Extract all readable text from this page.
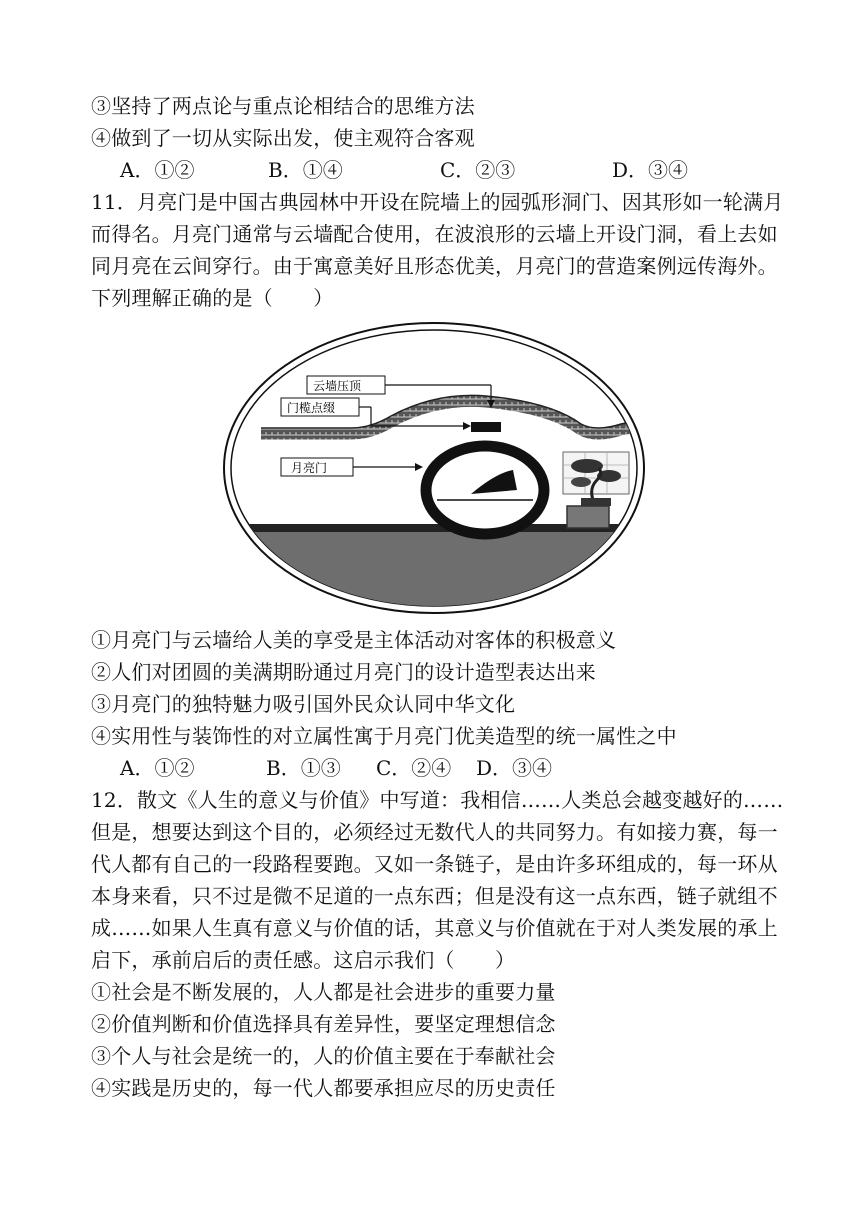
③坚持了两点论与重点论相结合的思维方法
④做到了一切从实际出发，使主观符合客观
A．①②	B．①④	C．②③	D．③④
11．月亮门是中国古典园林中开设在院墙上的园弧形洞门、因其形如一轮满月
而得名。月亮门通常与云墙配合使用，在波浪形的云墙上开设门洞，看上去如
同月亮在云间穿行。由于寓意美好且形态优美，月亮门的营造案例远传海外。
下列理解正确的是（　　）
云墙压顶
门榄点缀
月亮门
①月亮门与云墙给人美的享受是主体活动对客体的积极意义
②人们对团圆的美满期盼通过月亮门的设计造型表达出来
③月亮门的独特魅力吸引国外民众认同中华文化
④实用性与装饰性的对立属性寓于月亮门优美造型的统一属性之中
A．①②	B．①③ C．②④ D．③④
12．散文《人生的意义与价值》中写道：我相信……人类总会越变越好的……
但是，想要达到这个目的，必须经过无数代人的共同努力。有如接力赛，每一
代人都有自己的一段路程要跑。又如一条链子，是由许多环组成的，每一环从
本身来看，只不过是微不足道的一点东西；但是没有这一点东西，链子就组不
成……如果人生真有意义与价值的话，其意义与价值就在于对人类发展的承上
启下，承前启后的责任感。这启示我们（　　）
①社会是不断发展的，人人都是社会进步的重要力量
②价值判断和价值选择具有差异性，要坚定理想信念
③个人与社会是统一的，人的价值主要在于奉献社会
④实践是历史的，每一代人都要承担应尽的历史责任
